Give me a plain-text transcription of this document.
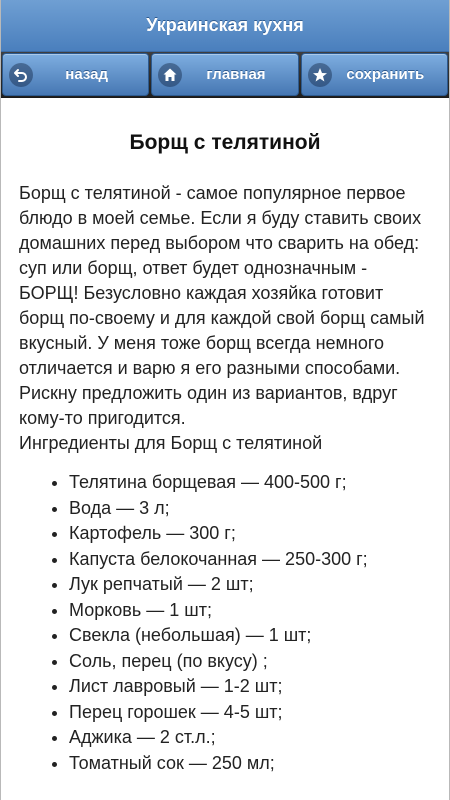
Украинская кухня
назад	главная	сохранить
Борщ с телятиной

Борщ с телятиной - самое популярное первое блюдо в моей семье. Если я буду ставить своих домашних перед выбором что сварить на обед: суп или борщ, ответ будет однозначным - БОРЩ! Безусловно каждая хозяйка готовит борщ по-своему и для каждой свой борщ самый вкусный. У меня тоже борщ всегда немного отличается и варю я его разными способами. Рискну предложить один из вариантов, вдруг кому-то пригодится.

Ингредиенты для Борщ с телятиной
• Телятина борщевая — 400-500 г;
• Вода — 3 л;
• Картофель — 300 г;
• Капуста белокочанная — 250-300 г;
• Лук репчатый — 2 шт;
• Морковь — 1 шт;
• Свекла (небольшая) — 1 шт;
• Соль, перец (по вкусу) ;
• Лист лавровый — 1-2 шт;
• Перец горошек — 4-5 шт;
• Аджика — 2 ст.л.;
• Томатный сок — 250 мл;
